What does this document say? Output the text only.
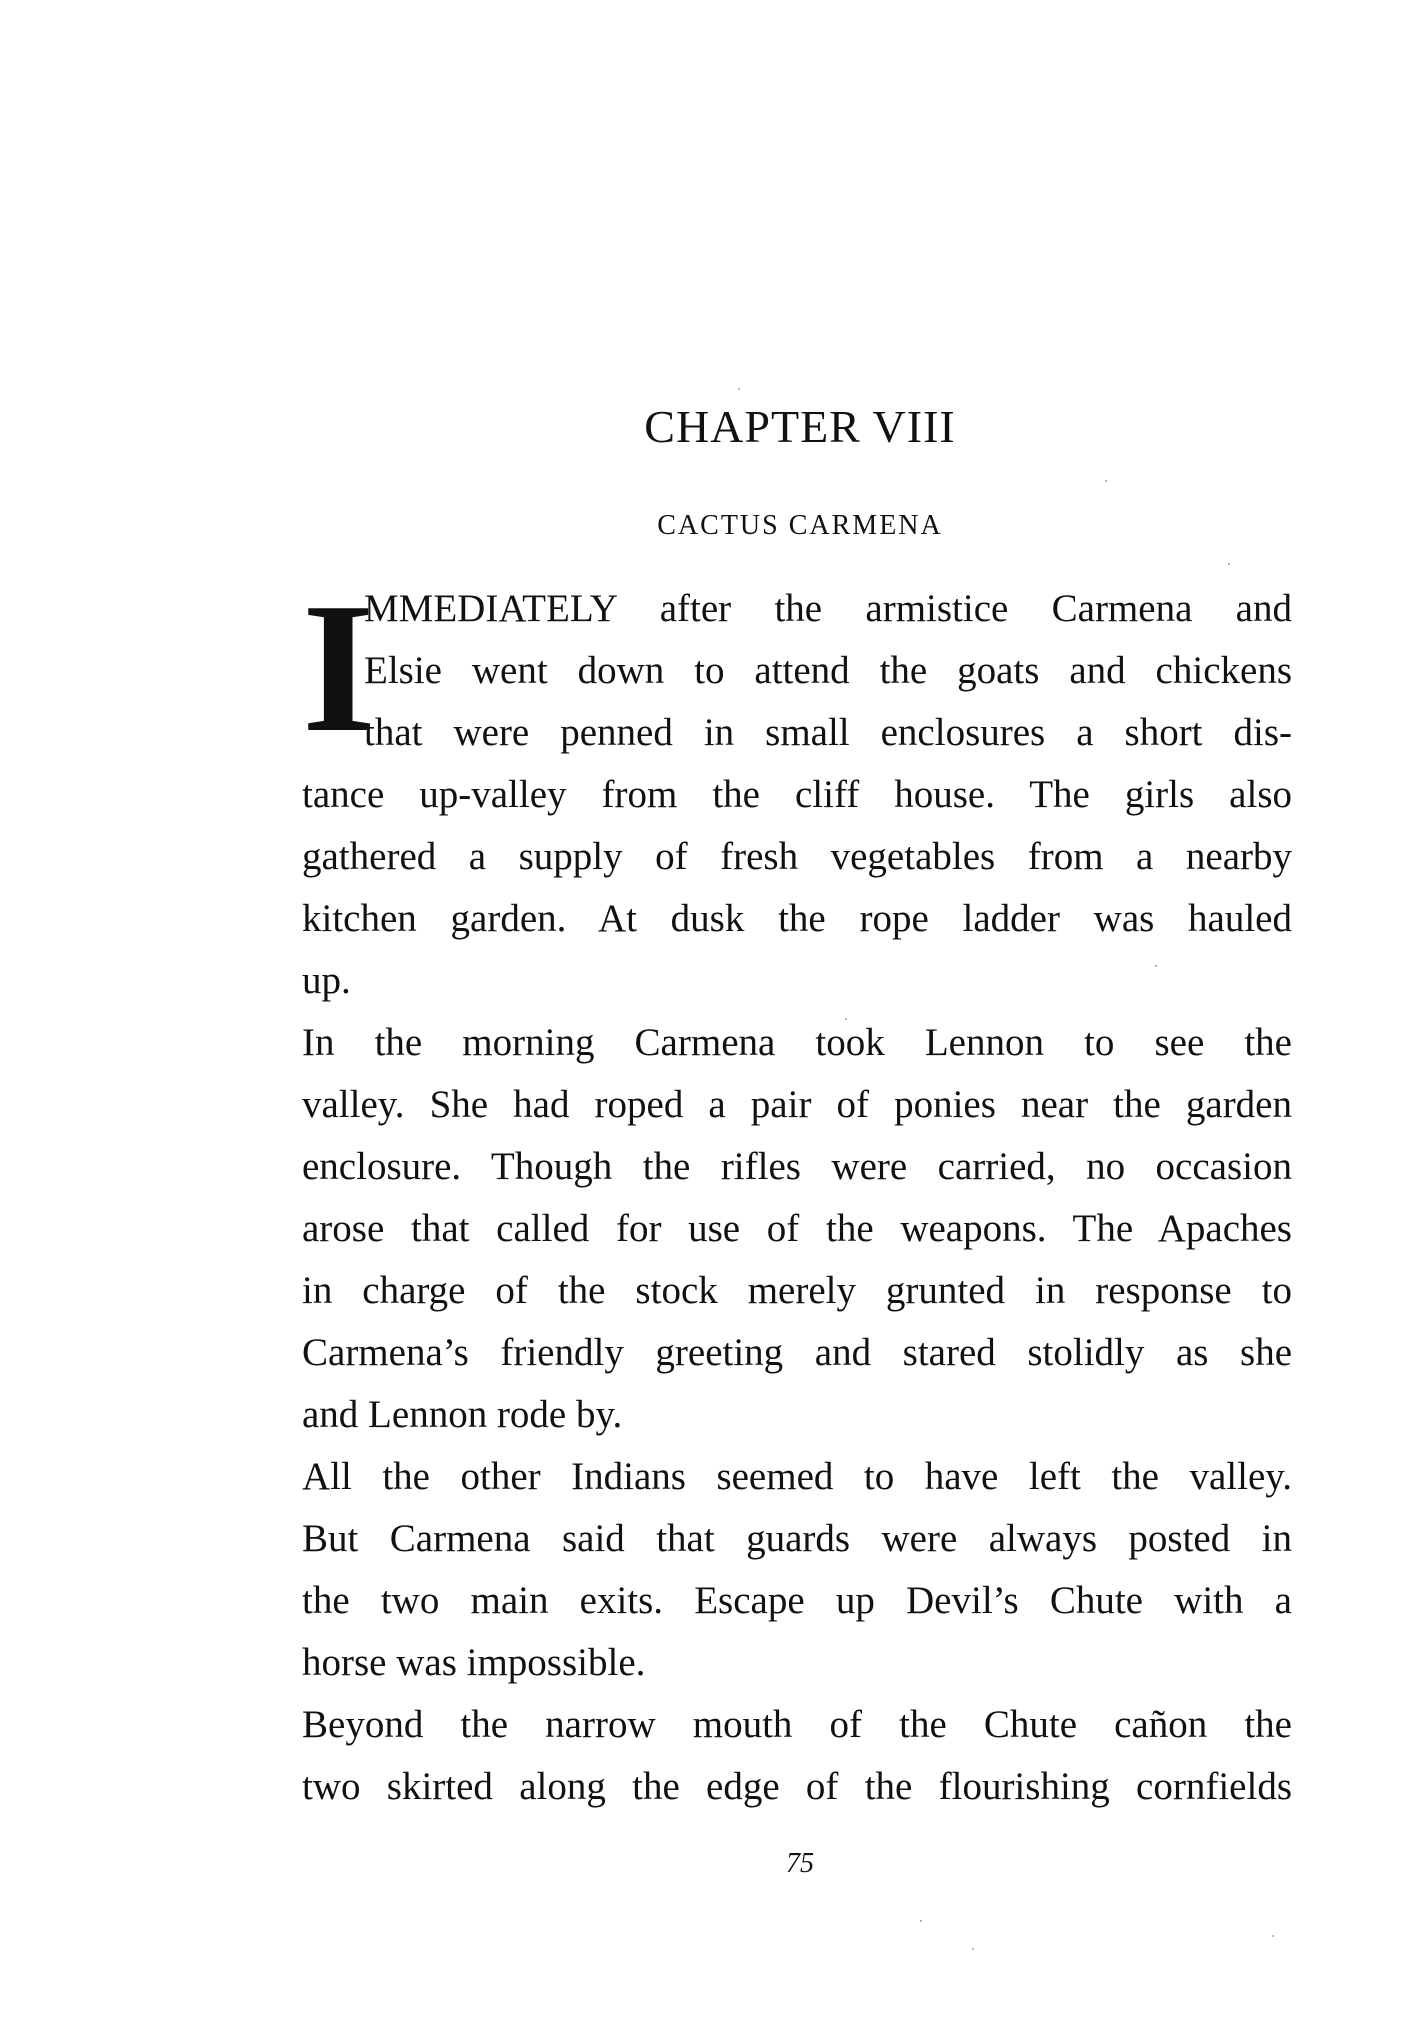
CHAPTER VIII
CACTUS CARMENA
I
MMEDIATELY after the armistice Carmena and
Elsie went down to attend the goats and chickens
that were penned in small enclosures a short dis-
tance up-valley from the cliff house. The girls also
gathered a supply of fresh vegetables from a nearby
kitchen garden. At dusk the rope ladder was hauled
up.
In the morning Carmena took Lennon to see the
valley. She had roped a pair of ponies near the garden
enclosure. Though the rifles were carried, no occasion
arose that called for use of the weapons. The Apaches
in charge of the stock merely grunted in response to
Carmena’s friendly greeting and stared stolidly as she
and Lennon rode by.
All the other Indians seemed to have left the valley.
But Carmena said that guards were always posted in
the two main exits. Escape up Devil’s Chute with a
horse was impossible.
Beyond the narrow mouth of the Chute cañon the
two skirted along the edge of the flourishing cornfields
75
